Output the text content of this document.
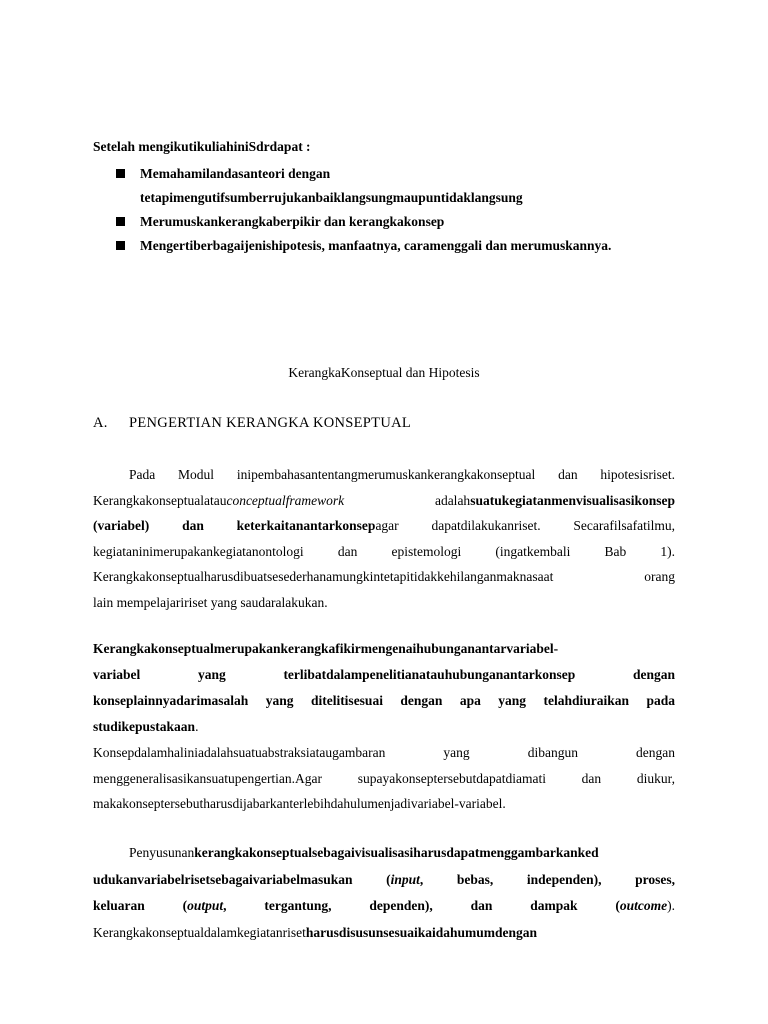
Setelah mengikutikuliahiniSdrdapat :
Memahamilandasanteori dengan
tetapimengutifsumberrujukanbaiklangsungmaupuntidaklangsung
Merumuskankerangkaberpikir dan kerangkakonsep
Mengertiberbagaijenishipotesis, manfaatnya, caramenggali dan merumuskannya.
KerangkaKonseptual dan Hipotesis
A. PENGERTIAN KERANGKA KONSEPTUAL
Pada Modul inipembahasantentangmerumuskankerangkakonseptual dan hipotesisriset.
Kerangkakonseptualatauconceptualframework	adalahsuatukegiatanmenvisualisasikonsep
(variabel) dan keterkaitanantarkonsepagar dapatdilakukanriset. Secarafilsafatilmu,
kegiataninimerupakankegiatanontologi dan epistemologi (ingatkembali Bab 1).
Kerangkakonseptualharusdibuatsesederhanamungkintetapitidakkehilanganmaknasaat orang
lain mempelajaririset yang saudaralakukan.
Kerangkakonseptualmerupakankerangkafikirmengenaihubunganantarvariabel-
variabel yang terlibatdalampenelitianatauhubunganantarkonsep dengan
konseplainnyadarimasalah yang ditelitisesuai dengan apa yang telahdiuraikan pada
studikepustakaan.
Konsepdalamhaliniadalahsuatuabstraksiataugambaran yang dibangun dengan
menggeneralisasikansuatupengertian.Agar supayakonseptersebutdapatdiamati dan diukur,
makakonseptersebutharusdijabarkanterlebihdahulumenjadivariabel-variabel.
Penyusunankerangkakonseptualsebagaivisualisasiharusdapatmenggambarkanked
udukanvariabelrisetsebagaivariabelmasukan (input, bebas, independen), proses,
keluaran (output, tergantung, dependen), dan dampak (outcome).
Kerangkakonseptualdalamkegiatanrisetharusdisusunsesuaikaidahumumdengan
